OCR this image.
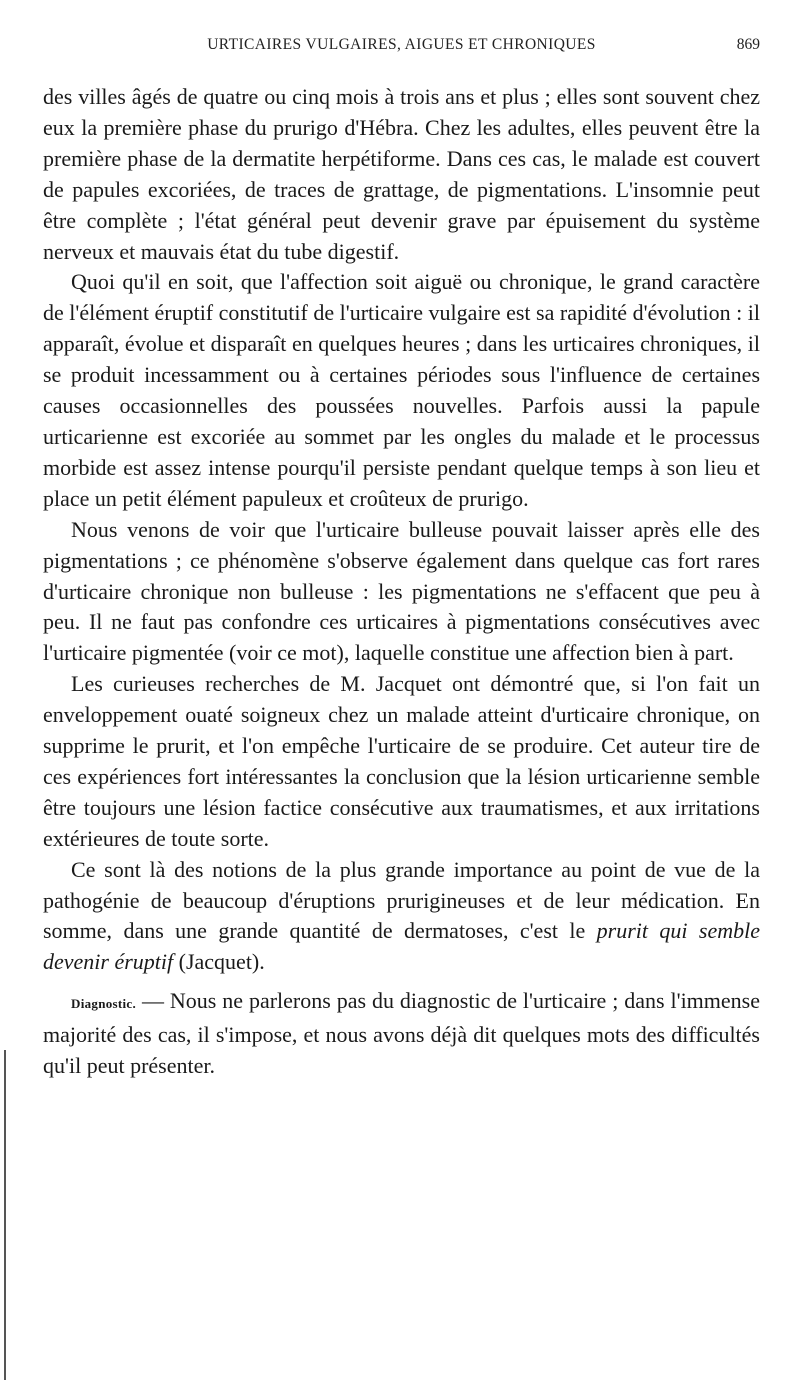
URTICAIRES VULGAIRES, AIGUES ET CHRONIQUES	869

des villes âgés de quatre ou cinq mois à trois ans et plus ; elles sont souvent chez eux la première phase du prurigo d'Hébra. Chez les adultes, elles peuvent être la première phase de la dermatite herpétiforme. Dans ces cas, le malade est couvert de papules excoriées, de traces de grattage, de pigmentations. L'insomnie peut être complète ; l'état général peut devenir grave par épuisement du système nerveux et mauvais état du tube digestif.

Quoi qu'il en soit, que l'affection soit aiguë ou chronique, le grand caractère de l'élément éruptif constitutif de l'urticaire vulgaire est sa rapidité d'évolution : il apparaît, évolue et disparaît en quelques heures ; dans les urticaires chroniques, il se produit incessamment ou à certaines périodes sous l'influence de certaines causes occasionnelles des poussées nouvelles. Parfois aussi la papule urticarienne est excoriée au sommet par les ongles du malade et le processus morbide est assez intense pourqu'il persiste pendant quelque temps à son lieu et place un petit élément papuleux et croûteux de prurigo.

Nous venons de voir que l'urticaire bulleuse pouvait laisser après elle des pigmentations ; ce phénomène s'observe également dans quelque cas fort rares d'urticaire chronique non bulleuse : les pigmentations ne s'effacent que peu à peu. Il ne faut pas confondre ces urticaires à pigmentations consécutives avec l'urticaire pigmentée (voir ce mot), laquelle constitue une affection bien à part.

Les curieuses recherches de M. Jacquet ont démontré que, si l'on fait un enveloppement ouaté soigneux chez un malade atteint d'urticaire chronique, on supprime le prurit, et l'on empêche l'urticaire de se produire. Cet auteur tire de ces expériences fort intéressantes la conclusion que la lésion urticarienne semble être toujours une lésion factice consécutive aux traumatismes, et aux irritations extérieures de toute sorte.

Ce sont là des notions de la plus grande importance au point de vue de la pathogénie de beaucoup d'éruptions prurigineuses et de leur médication. En somme, dans une grande quantité de dermatoses, c'est le prurit qui semble devenir éruptif (Jacquet).

Diagnostic. — Nous ne parlerons pas du diagnostic de l'urticaire ; dans l'immense majorité des cas, il s'impose, et nous avons déjà dit quelques mots des difficultés qu'il peut présenter.
